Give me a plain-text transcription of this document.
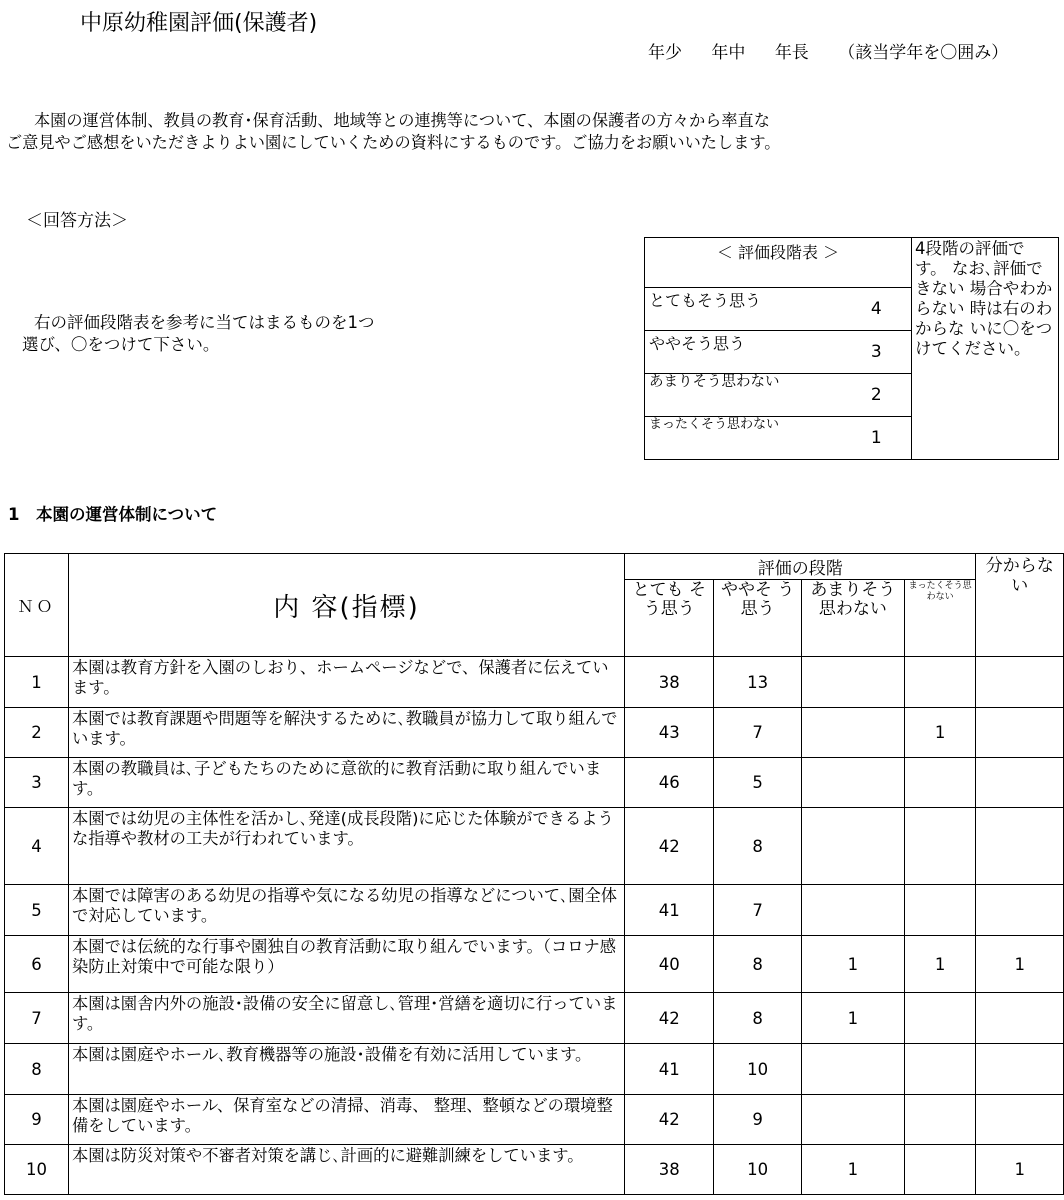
中原幼稚園評価(保護者)
年少 年中 年長 （該当学年を〇囲み）
本園の運営体制、教員の教育･保育活動、地域等との連携等について、本園の保護者の方々から率直な
ご意見やご感想をいただきよりよい園にしていくための資料にするものです。ご協力をお願いいたします。
＜回答方法＞
右の評価段階表を参考に当てはまるものを1つ
選び、〇をつけて下さい。
＜ 評価段階表 ＞		4段階の評価です。 なお､評価できない 場合やわからない 時は右のわからな いに〇をつけてください。
とてもそう思う	4	
ややそう思う	3	
あまりそう思わない	2	
まったくそう思わない	1	
1　本園の運営体制について
ＮＯ	内 容(指標)	評価の段階				分からない
		とても そう思う	ややそ う 思う	あまりそう思わない	まったくそう思わない	
1	本園は教育方針を入園のしおり、ホームページなどで、保護者に伝えています。	38	13			
2	本園では教育課題や問題等を解決するために､教職員が協力して取り組んでいます。	43	7		1	
3	本園の教職員は､子どもたちのために意欲的に教育活動に取り組んでいます。	46	5			
4	本園では幼児の主体性を活かし､発達(成長段階)に応じた体験ができるような指導や教材の工夫が行われています。	42	8			
5	本園では障害のある幼児の指導や気になる幼児の指導などについて､園全体で対応しています。	41	7			
6	本園では伝統的な行事や園独自の教育活動に取り組んでいます。（コロナ感染防止対策中で可能な限り）	40	8	1	1	1
7	本園は園舎内外の施設･設備の安全に留意し､管理･営繕を適切に行っています。	42	8	1		
8	本園は園庭やホール､教育機器等の施設･設備を有効に活用しています。	41	10			
9	本園は園庭やホール、保育室などの清掃、消毒、 整理、整頓などの環境整備をしています。	42	9			
10	本園は防災対策や不審者対策を講じ､計画的に避難訓練をしています。	38	10	1		1
